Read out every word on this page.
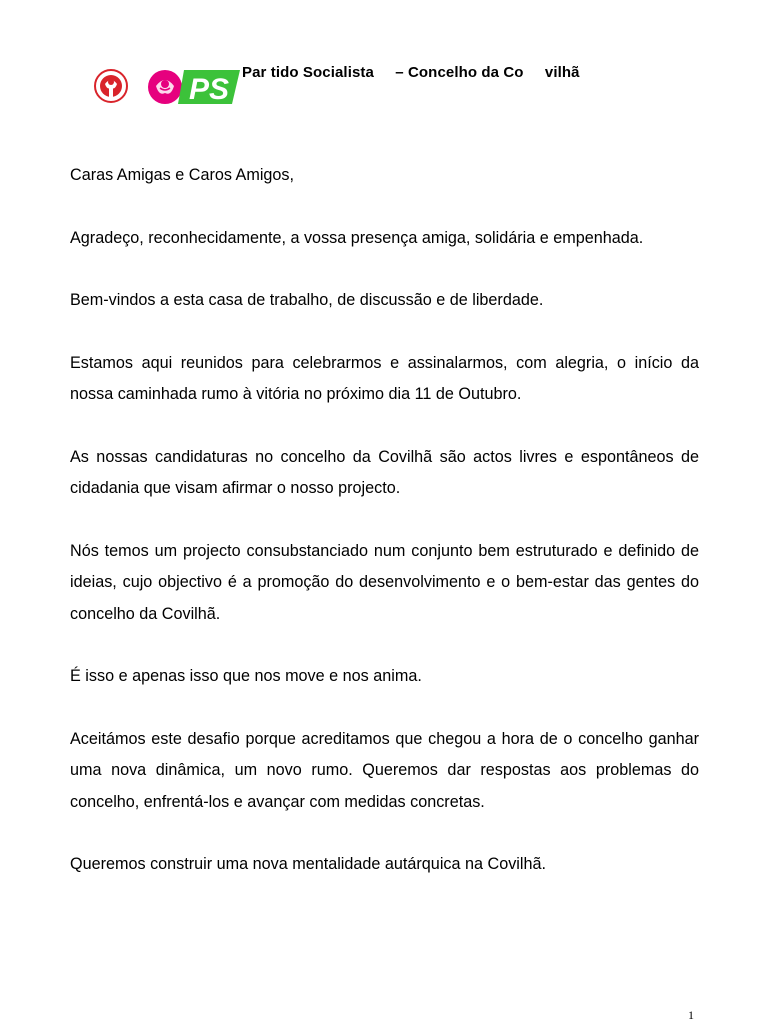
PS
Par tido Socialista     – Concelho da Co     vilhã

Caras Amigas e Caros Amigos,

Agradeço, reconhecidamente, a vossa presença amiga, solidária e empenhada.

Bem-vindos a esta casa de trabalho, de discussão e de liberdade.

Estamos aqui reunidos para celebrarmos e assinalarmos, com alegria, o início da nossa caminhada rumo à vitória no próximo dia 11 de Outubro.

As nossas candidaturas no concelho da Covilhã são actos livres e espontâneos de cidadania que visam afirmar o nosso projecto.

Nós temos um projecto consubstanciado num conjunto bem estruturado e definido de ideias, cujo objectivo é a promoção do desenvolvimento e o bem-estar das gentes do concelho da Covilhã.

É isso e apenas isso que nos move e nos anima.

Aceitámos este desafio porque acreditamos que chegou a hora de o concelho ganhar uma nova dinâmica, um novo rumo. Queremos dar respostas aos problemas do concelho, enfrentá-los e avançar com medidas concretas.

Queremos construir uma nova mentalidade autárquica na Covilhã.

1
